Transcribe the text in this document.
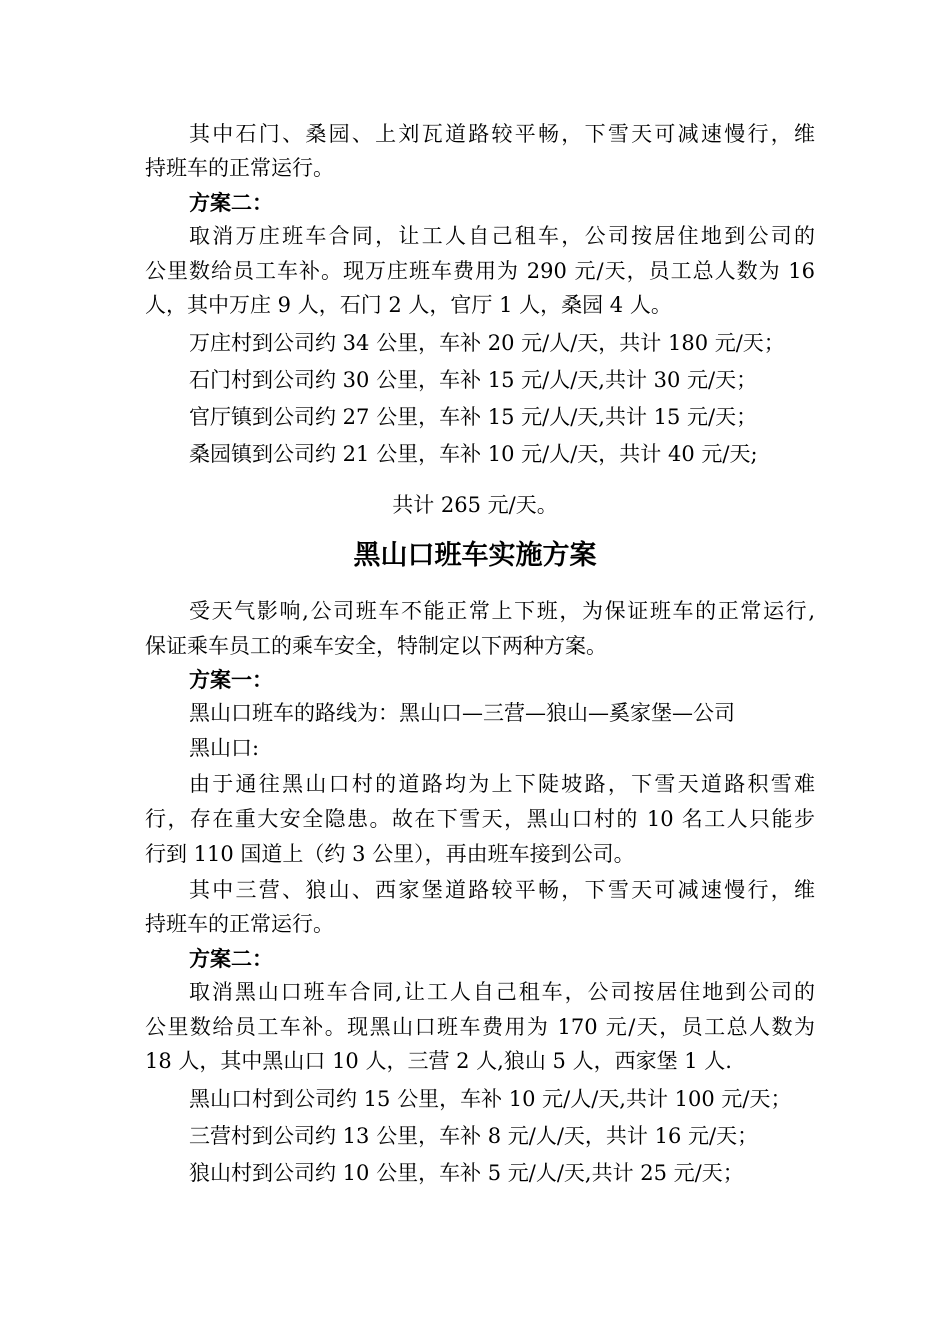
其中石门、桑园、上刘瓦道路较平畅，下雪天可减速慢行，维
持班车的正常运行。
方案二：
取消万庄班车合同，让工人自己租车，公司按居住地到公司的
公里数给员工车补。现万庄班车费用为 290 元/天，员工总人数为 16
人，其中万庄 9 人，石门 2 人，官厅 1 人，桑园 4 人。
万庄村到公司约 34 公里，车补 20 元/人/天，共计 180 元/天；
石门村到公司约 30 公里，车补 15 元/人/天,共计 30 元/天；
官厅镇到公司约 27 公里，车补 15 元/人/天,共计 15 元/天；
桑园镇到公司约 21 公里，车补 10 元/人/天，共计 40 元/天;
共计 265 元/天。
黑山口班车实施方案
受天气影响,公司班车不能正常上下班，为保证班车的正常运行,
保证乘车员工的乘车安全，特制定以下两种方案。
方案一：
黑山口班车的路线为：黑山口—三营—狼山—奚家堡—公司
黑山口:
由于通往黑山口村的道路均为上下陡坡路，下雪天道路积雪难
行，存在重大安全隐患。故在下雪天，黑山口村的 10 名工人只能步
行到 110 国道上（约 3 公里），再由班车接到公司。
其中三营、狼山、西家堡道路较平畅，下雪天可减速慢行，维
持班车的正常运行。
方案二：
取消黑山口班车合同,让工人自己租车，公司按居住地到公司的
公里数给员工车补。现黑山口班车费用为 170 元/天，员工总人数为
18 人，其中黑山口 10 人，三营 2 人,狼山 5 人，西家堡 1 人.
黑山口村到公司约 15 公里，车补 10 元/人/天,共计 100 元/天；
三营村到公司约 13 公里，车补 8 元/人/天，共计 16 元/天；
狼山村到公司约 10 公里，车补 5 元/人/天,共计 25 元/天；
